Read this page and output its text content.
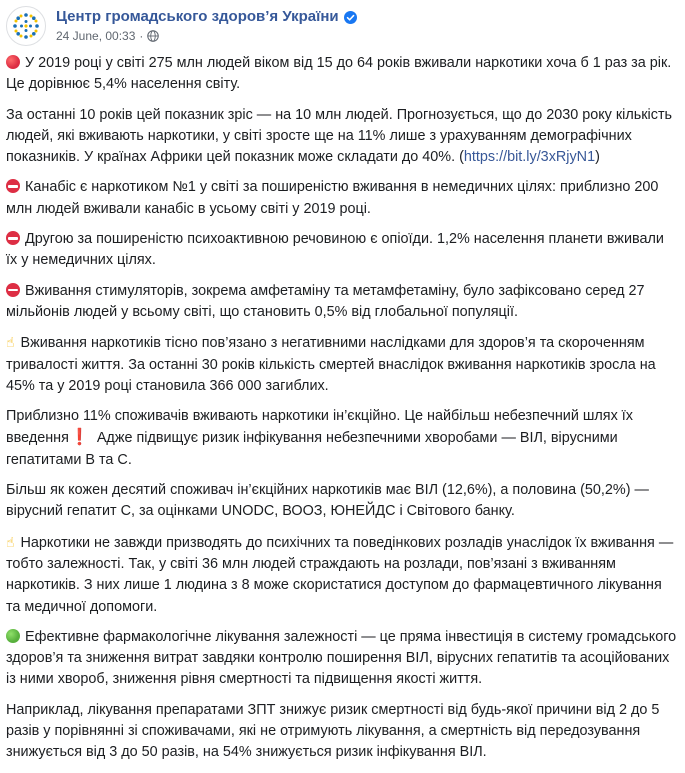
Центр громадського здоров’я України
24 June, 00:33 ·

У 2019 році у світі 275 млн людей віком від 15 до 64 років вживали наркотики хоча б 1 раз за рік. Це дорівнює 5,4% населення світу.

За останні 10 років цей показник зріс — на 10 млн людей. Прогнозується, що до 2030 року кількість людей, які вживають наркотики, у світі зросте ще на 11% лише з урахуванням демографічних показників. У країнах Африки цей показник може складати до 40%. (https://bit.ly/3xRjyN1)

Канабіс є наркотиком №1 у світі за поширеністю вживання в немедичних цілях: приблизно 200 млн людей вживали канабіс в усьому світі у 2019 році.

Другою за поширеністю психоактивною речовиною є опіоїди. 1,2% населення планети вживали їх у немедичних цілях.

Вживання стимуляторів, зокрема амфетаміну та метамфетаміну, було зафіксовано серед 27 мільйонів людей у всьому світі, що становить 0,5% від глобальної популяції.

☝ Вживання наркотиків тісно пов’язано з негативними наслідками для здоров’я та скороченням тривалості життя. За останні 30 років кількість смертей внаслідок вживання наркотиків зросла на 45% та у 2019 році становила 366 000 загиблих.

Приблизно 11% споживачів вживають наркотики ін’єкційно. Це найбільш небезпечний шлях їх введення❗ Адже підвищує ризик інфікування небезпечними хворобами — ВІЛ, вірусними гепатитами В та С.

Більш як кожен десятий споживач ін’єкційних наркотиків має ВІЛ (12,6%), а половина (50,2%) — вірусний гепатит С, за оцінками UNODC, ВООЗ, ЮНЕЙДС і Світового банку.

☝ Наркотики не завжди призводять до психічних та поведінкових розладів унаслідок їх вживання — тобто залежності. Так, у світі 36 млн людей страждають на розлади, пов’язані з вживанням наркотиків. З них лише 1 людина з 8 може скористатися доступом до фармацевтичного лікування та медичної допомоги.

Ефективне фармакологічне лікування залежності — це пряма інвестиція в систему громадського здоров’я та зниження витрат завдяки контролю поширення ВІЛ, вірусних гепатитів та асоційованих із ними хвороб, зниження рівня смертності та підвищення якості життя.

Наприклад, лікування препаратами ЗПТ знижує ризик смертності від будь-якої причини від 2 до 5 разів у порівнянні зі споживачами, які не отримують лікування, а смертність від передозування знижується від 3 до 50 разів, на 54% знижується ризик інфікування ВІЛ.
